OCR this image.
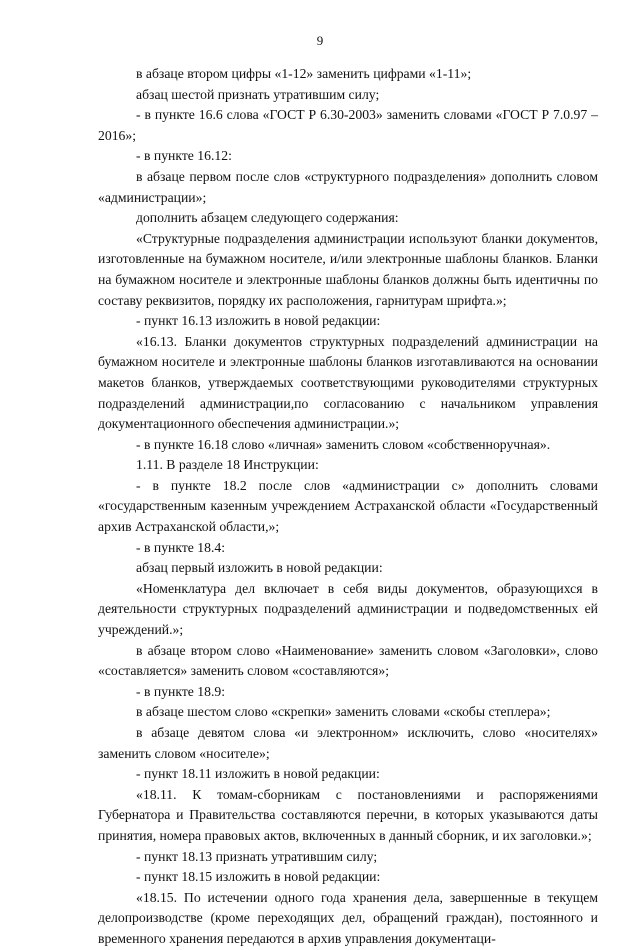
9

в абзаце втором цифры «1-12» заменить цифрами «1-11»;

абзац шестой признать утратившим силу;

- в пункте 16.6 слова «ГОСТ Р 6.30-2003» заменить словами «ГОСТ Р 7.0.97 – 2016»;

- в пункте 16.12:

в абзаце первом после слов «структурного подразделения» дополнить словом «администрации»;

дополнить абзацем следующего содержания:

«Структурные подразделения администрации используют бланки документов, изготовленные на бумажном носителе, и/или электронные шаблоны бланков. Бланки на бумажном носителе и электронные шаблоны бланков должны быть идентичны по составу реквизитов, порядку их расположения, гарнитурам шрифта.»;

- пункт 16.13 изложить в новой редакции:

«16.13. Бланки документов структурных подразделений администрации на бумажном носителе и электронные шаблоны бланков изготавливаются на основании макетов бланков, утверждаемых соответствующими руководителями структурных подразделений администрации,по согласованию с начальником управления документационного обеспечения администрации.»;

- в пункте 16.18 слово «личная» заменить словом «собственноручная».

1.11. В разделе 18 Инструкции:

- в пункте 18.2 после слов «администрации с» дополнить словами «государственным казенным учреждением Астраханской области «Государственный архив Астраханской области,»;

- в пункте 18.4:

абзац первый изложить в новой редакции:

«Номенклатура дел включает в себя виды документов, образующихся в деятельности структурных подразделений администрации и подведомственных ей учреждений.»;

в абзаце втором слово «Наименование» заменить словом «Заголовки», слово «составляется» заменить словом «составляются»;

- в пункте 18.9:

в абзаце шестом слово «скрепки» заменить словами «скобы степлера»;

в абзаце девятом слова «и электронном» исключить, слово «носителях» заменить словом «носителе»;

- пункт 18.11 изложить в новой редакции:

«18.11. К томам-сборникам с постановлениями и распоряжениями Губернатора и Правительства составляются перечни, в которых указываются даты принятия, номера правовых актов, включенных в данный сборник, и их заголовки.»;

- пункт 18.13 признать утратившим силу;

- пункт 18.15 изложить в новой редакции:

«18.15. По истечении одного года хранения дела, завершенные в текущем делопроизводстве (кроме переходящих дел, обращений граждан), постоянного и временного хранения передаются в архив управления документаци-
